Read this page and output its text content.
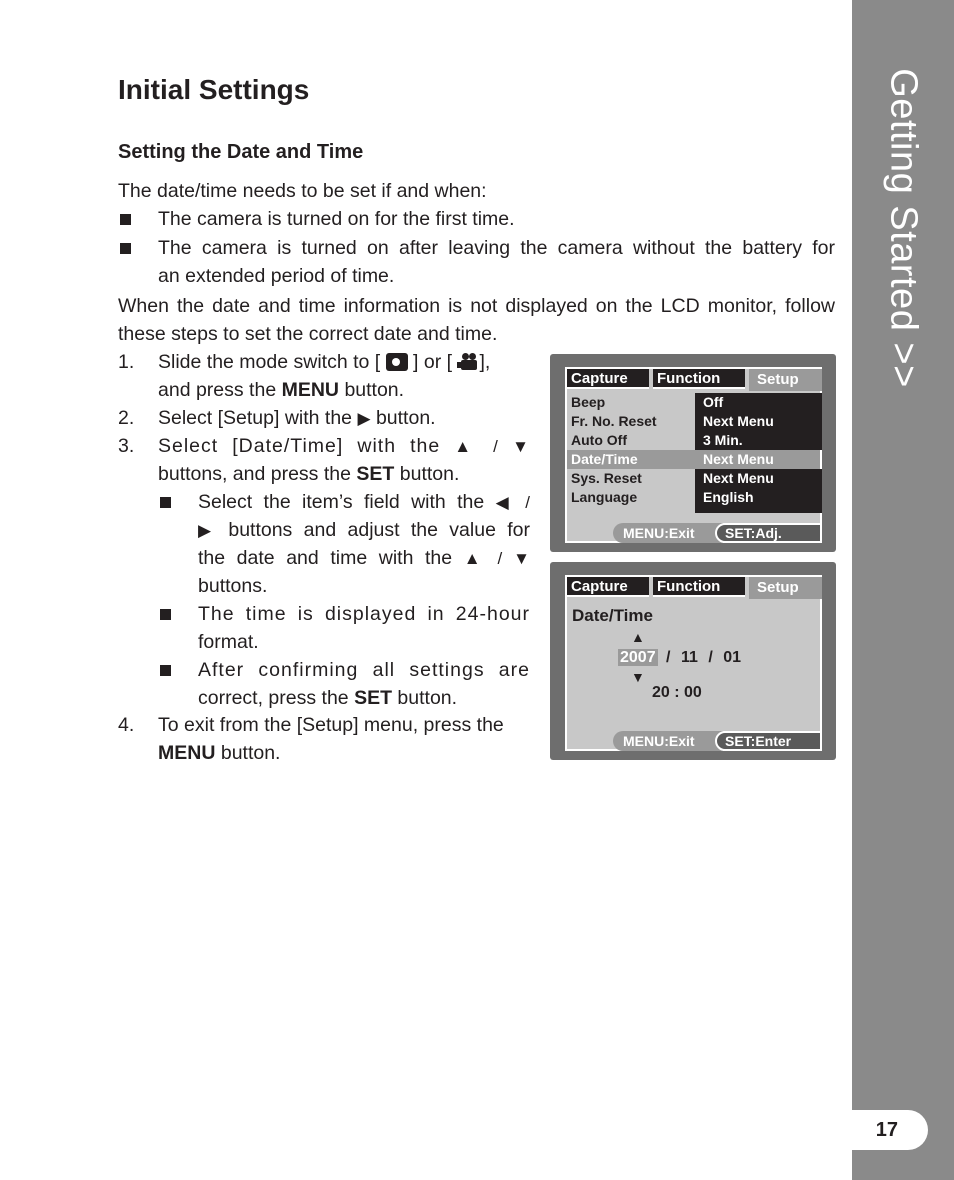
Getting Started >>
17
Initial Settings
Setting the Date and Time

The date/time needs to be set if and when:

The camera is turned on for the first time.

The camera is turned on after leaving the camera without the battery for

an extended period of time.

When the date and time information is not displayed on the LCD monitor, follow

these steps to set the correct date and time.

1. Slide the mode switch to [ ] or [ ],

and press the MENU button.

2. Select [Setup] with the ▶ button.

3. Select [Date/Time] with the ▲ / ▼

buttons, and press the SET button.

Select the item’s field with the ◀ /

▶ buttons and adjust the value for

the date and time with the ▲ / ▼

buttons.

The time is displayed in 24-hour

format.

After confirming all settings are

correct, press the SET button.

4. To exit from the [Setup] menu, press the

MENU button.

Capture	Function	Setup
Beep	Off
Fr. No. Reset	Next Menu
Auto Off	3 Min.
Date/Time	Next Menu
Sys. Reset	Next Menu
Language	English
MENU:Exit	SET:Adj.
Capture	Function	Setup
Date/Time
▲
2007 / 11 / 01
▼
20 : 00
MENU:Exit	SET:Enter
